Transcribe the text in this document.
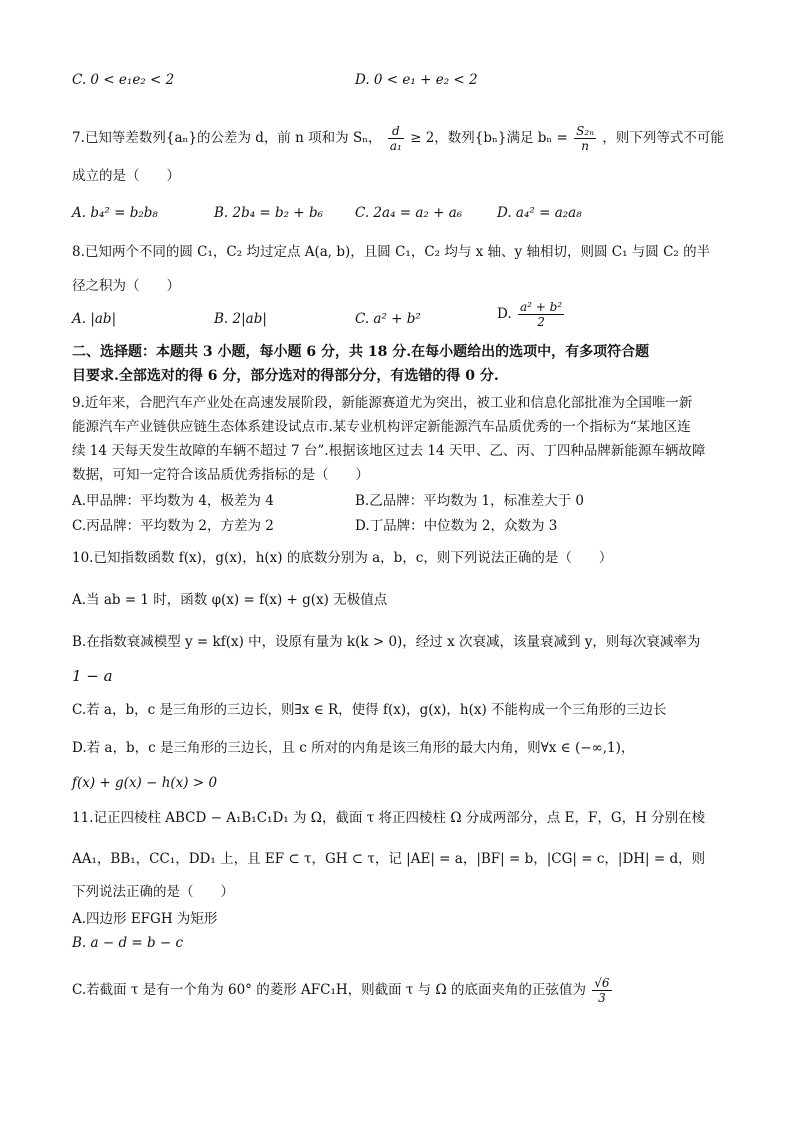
C. 0 < e₁e₂ < 2	D. 0 < e₁ + e₂ < 2
7.已知等差数列{aₙ}的公差为 d，前 n 项和为 Sₙ， $\frac{d}{\text{a₁}} \ge 2$，数列{bₙ}满足 $b_n = \frac{\text{S₂ₙ}}{n}$ ，则下列等式不可能
成立的是（　　）
A. b₄² = b₂b₈	B. 2b₄ = b₂ + b₆ C. 2a₄ = a₂ + a₆	D. a₄² = a₂a₈
8.已知两个不同的圆 C₁，C₂ 均过定点 A(a, b)，且圆 C₁，C₂ 均与 x 轴、y 轴相切，则圆 C₁ 与圆 C₂ 的半
径之积为（　　）
A. |ab|	B. 2|ab|	C. a² + b²	D. $\frac{\text{a² + b²}}{2}$
二、选择题：本题共 3 小题，每小题 6 分，共 18 分.在每小题给出的选项中，有多项符合题
目要求.全部选对的得 6 分，部分选对的得部分分，有选错的得 0 分.
9.近年来，合肥汽车产业处在高速发展阶段，新能源赛道尤为突出，被工业和信息化部批准为全国唯一新
能源汽车产业链供应链生态体系建设试点市.某专业机构评定新能源汽车品质优秀的一个指标为“某地区连
续 14 天每天发生故障的车辆不超过 7 台”.根据该地区过去 14 天甲、乙、丙、丁四种品牌新能源车辆故障
数据，可知一定符合该品质优秀指标的是（　　）
A.甲品牌：平均数为 4，极差为 4	B.乙品牌：平均数为 1，标准差大于 0
C.丙品牌：平均数为 2，方差为 2	D.丁品牌：中位数为 2，众数为 3
10.已知指数函数 f(x)，g(x)，h(x) 的底数分别为 a，b，c，则下列说法正确的是（　　）
A.当 ab = 1 时，函数 φ(x) = f(x) + g(x) 无极值点
B.在指数衰减模型 y = kf(x) 中，设原有量为 k(k > 0)，经过 x 次衰减，该量衰减到 y，则每次衰减率为
1 − a
C.若 a，b，c 是三角形的三边长，则∃x ∈ R，使得 f(x)，g(x)，h(x) 不能构成一个三角形的三边长
D.若 a，b，c 是三角形的三边长，且 c 所对的内角是该三角形的最大内角，则∀x ∈ (−∞,1)，
f(x) + g(x) − h(x) > 0
11.记正四棱柱 ABCD − A₁B₁C₁D₁ 为 Ω，截面 τ 将正四棱柱 Ω 分成两部分，点 E，F，G，H 分别在棱
AA₁，BB₁，CC₁，DD₁ 上，且 EF ⊂ τ，GH ⊂ τ，记 |AE| = a，|BF| = b，|CG| = c，|DH| = d，则
下列说法正确的是（　　）
A.四边形 EFGH 为矩形
B. a − d = b − c
C.若截面 τ 是有一个角为 60° 的菱形 AFC₁H，则截面 τ 与 Ω 的底面夹角的正弦值为 $\frac{√6}{3}$
